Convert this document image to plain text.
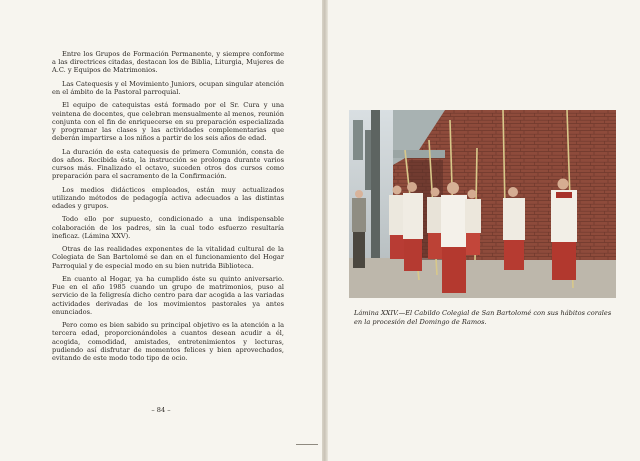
Entre los Grupos de Formación Permanente, y siempre conforme a las directrices citadas, destacan los de Biblia, Liturgia, Mujeres de A.C. y Equipos de Matrimonios.

Las Catequesis y el Movimiento Juniors, ocupan singular atención en el ámbito de la Pastoral parroquial.

El equipo de catequistas está formado por el Sr. Cura y una veintena de docentes, que celebran mensualmente al menos, reunión conjunta con el fin de enriquecerse en su preparación especializada y programar las clases y las actividades complementarias que deberán impartirse a los niños a partir de los seis años de edad.

La duración de esta catequesis de primera Comunión, consta de dos años. Recibida ésta, la instrucción se prolonga durante varios cursos más. Finalizado el octavo, suceden otros dos cursos como preparación para el sacramento de la Confirmación.

Los medios didácticos empleados, están muy actualizados utilizando métodos de pedagogía activa adecuados a las distintas edades y grupos.

Todo ello por supuesto, condicionado a una indispensable colaboración de los padres, sin la cual todo esfuerzo resultaría ineficaz. (Lámina XXV).

Otras de las realidades exponentes de la vitalidad cultural de la Colegiata de San Bartolomé se dan en el funcionamiento del Hogar Parroquial y de especial modo en su bien nutrida Biblioteca.

En cuanto al Hogar, ya ha cumplido éste su quinto aniversario. Fue en el año 1985 cuando un grupo de matrimonios, puso al servicio de la feligresía dicho centro para dar acogida a las variadas actividades derivadas de los movimientos pastorales ya antes enunciados.

Pero como es bien sabido su principal objetivo es la atención a la tercera edad, proporcionándoles a cuantos desean acudir a él, acogida, comodidad, amistades, entretenimientos y lecturas, pudiendo así disfrutar de momentos felices y bien aprovechados, evitando de este modo todo tipo de ocio.

– 84 –
Lámina XXIV.—El Cabildo Colegial de San Bartolomé con sus hábitos corales en la procesión del Domingo de Ramos.
